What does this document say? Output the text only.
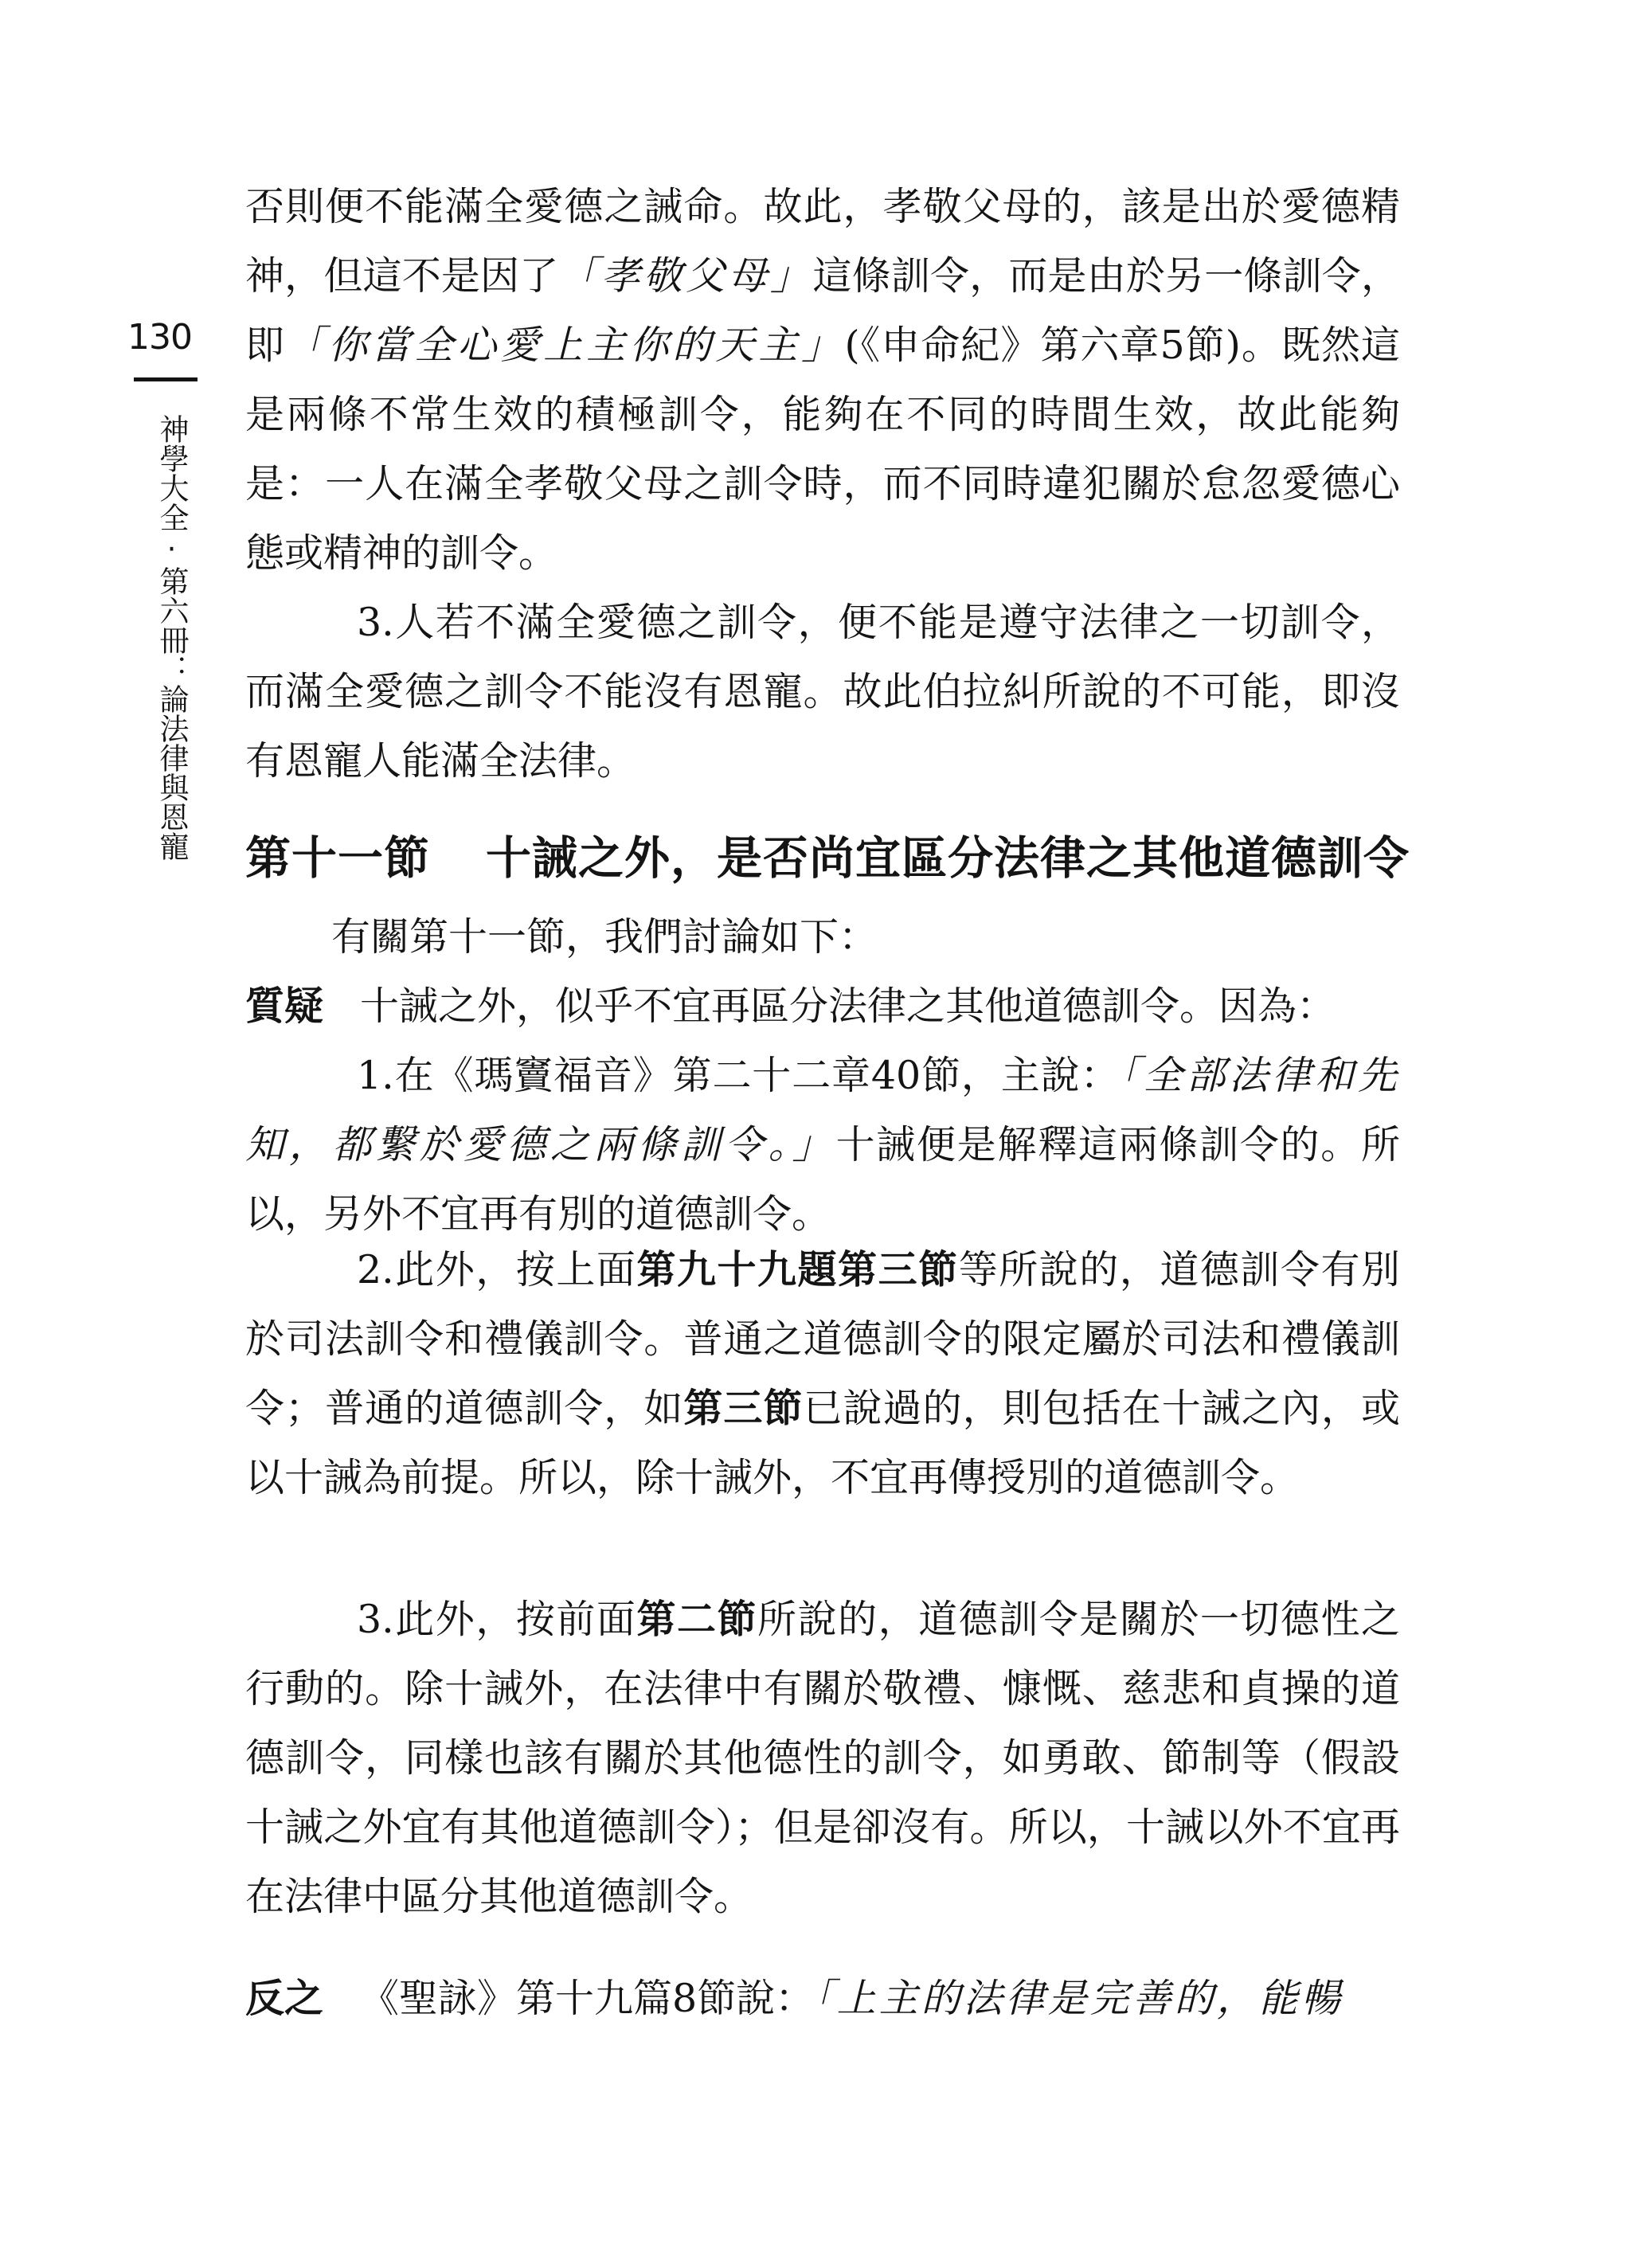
130
神學大全·第六冊：論法律與恩寵

否則便不能滿全愛德之誡命。故此，孝敬父母的，該是出於愛德精神，但這不是因了「孝敬父母」這條訓令，而是由於另一條訓令，即「你當全心愛上主你的天主」(《申命紀》第六章5節)。既然這是兩條不常生效的積極訓令，能夠在不同的時間生效，故此能夠是：一人在滿全孝敬父母之訓令時，而不同時違犯關於怠忽愛德心態或精神的訓令。

3.人若不滿全愛德之訓令，便不能是遵守法律之一切訓令，而滿全愛德之訓令不能沒有恩寵。故此伯拉糾所說的不可能，即沒有恩寵人能滿全法律。

第十一節 十誡之外，是否尚宜區分法律之其他道德訓令

有關第十一節，我們討論如下：

質疑 十誡之外，似乎不宜再區分法律之其他道德訓令。因為：

1.在《瑪竇福音》第二十二章40節，主說：「全部法律和先知，都繫於愛德之兩條訓令。」十誡便是解釋這兩條訓令的。所以，另外不宜再有別的道德訓令。

2.此外，按上面第九十九題第三節等所說的，道德訓令有別於司法訓令和禮儀訓令。普通之道德訓令的限定屬於司法和禮儀訓令；普通的道德訓令，如第三節已說過的，則包括在十誡之內，或以十誡為前提。所以，除十誡外，不宜再傳授別的道德訓令。

3.此外，按前面第二節所說的，道德訓令是關於一切德性之行動的。除十誡外，在法律中有關於敬禮、慷慨、慈悲和貞操的道德訓令，同樣也該有關於其他德性的訓令，如勇敢、節制等（假設十誡之外宜有其他道德訓令）；但是卻沒有。所以，十誡以外不宜再在法律中區分其他道德訓令。

反之 《聖詠》第十九篇8節說：「上主的法律是完善的，能暢
